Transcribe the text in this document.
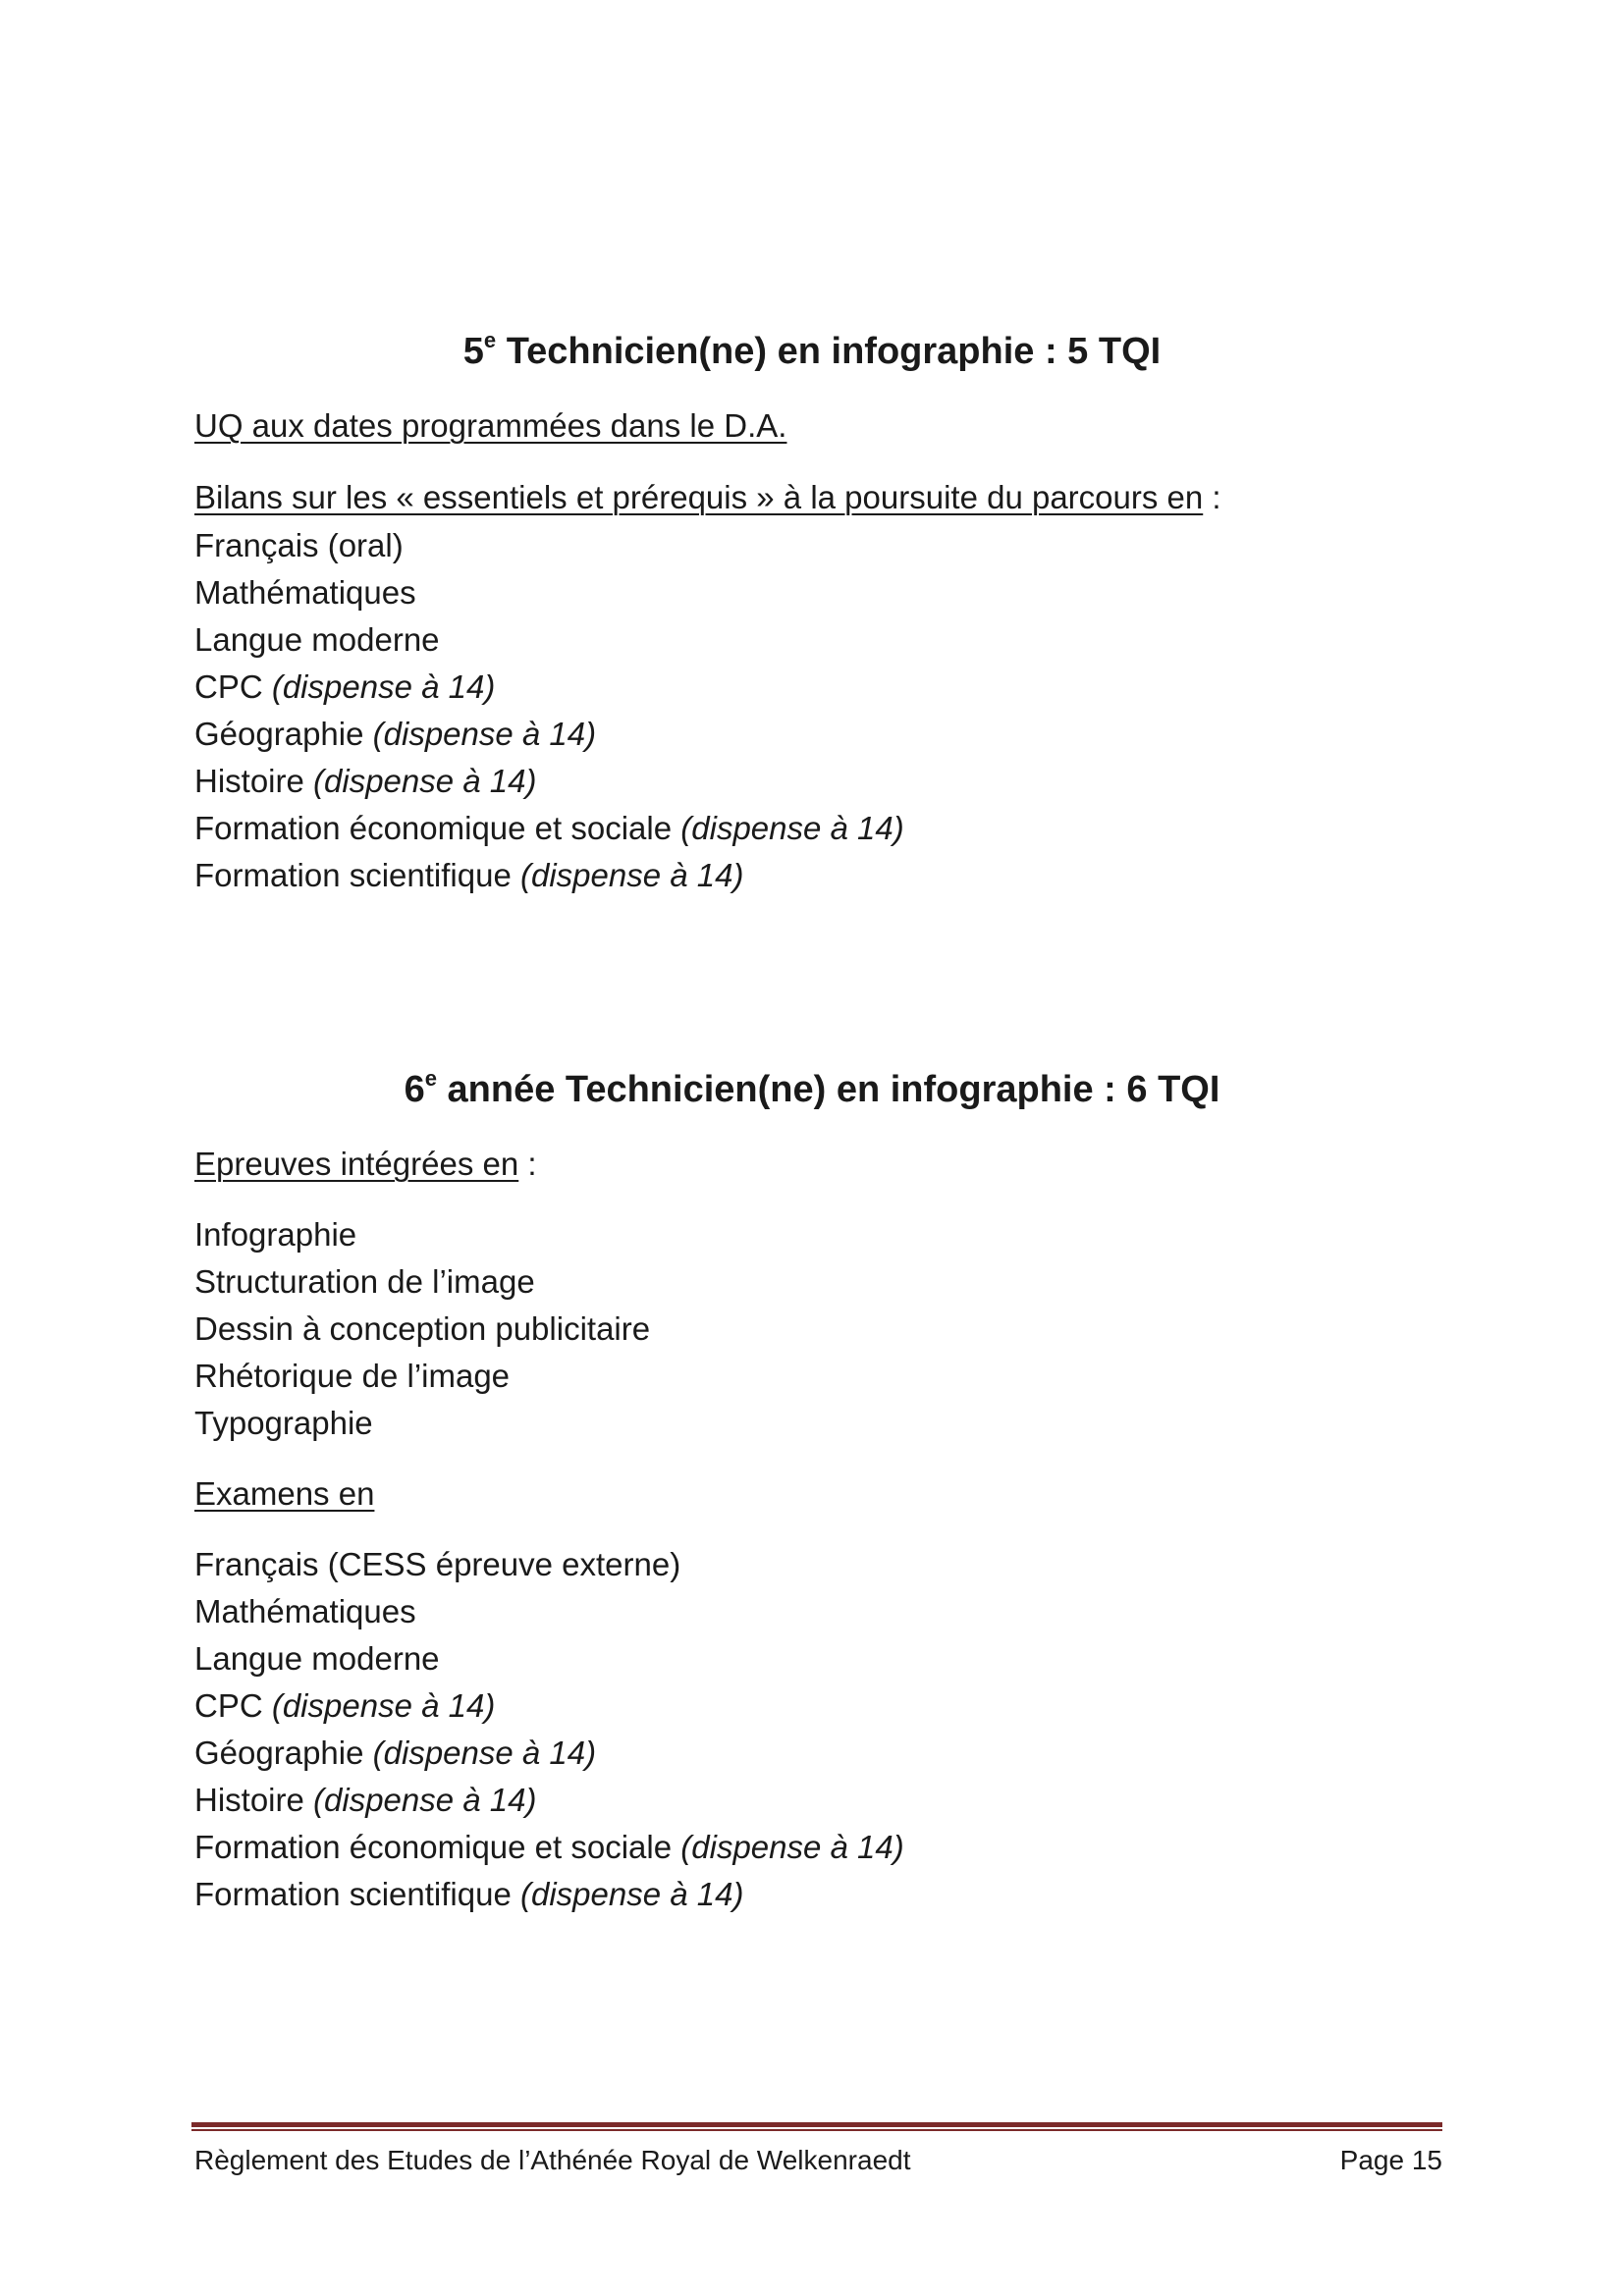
5e Technicien(ne) en infographie : 5 TQI
UQ aux dates programmées dans le D.A.
Bilans sur les « essentiels et prérequis » à la poursuite du parcours en :
Français (oral)
Mathématiques
Langue moderne
CPC (dispense à 14)
Géographie (dispense à 14)
Histoire (dispense à 14)
Formation économique et sociale (dispense à 14)
Formation scientifique (dispense à 14)
6e année Technicien(ne) en infographie : 6 TQI
Epreuves intégrées en :
Infographie
Structuration de l’image
Dessin à conception publicitaire
Rhétorique de l’image
Typographie
Examens en
Français (CESS épreuve externe)
Mathématiques
Langue moderne
CPC (dispense à 14)
Géographie (dispense à 14)
Histoire (dispense à 14)
Formation économique et sociale (dispense à 14)
Formation scientifique (dispense à 14)
Règlement des Etudes de l’Athénée Royal de Welkenraedt	Page 15
